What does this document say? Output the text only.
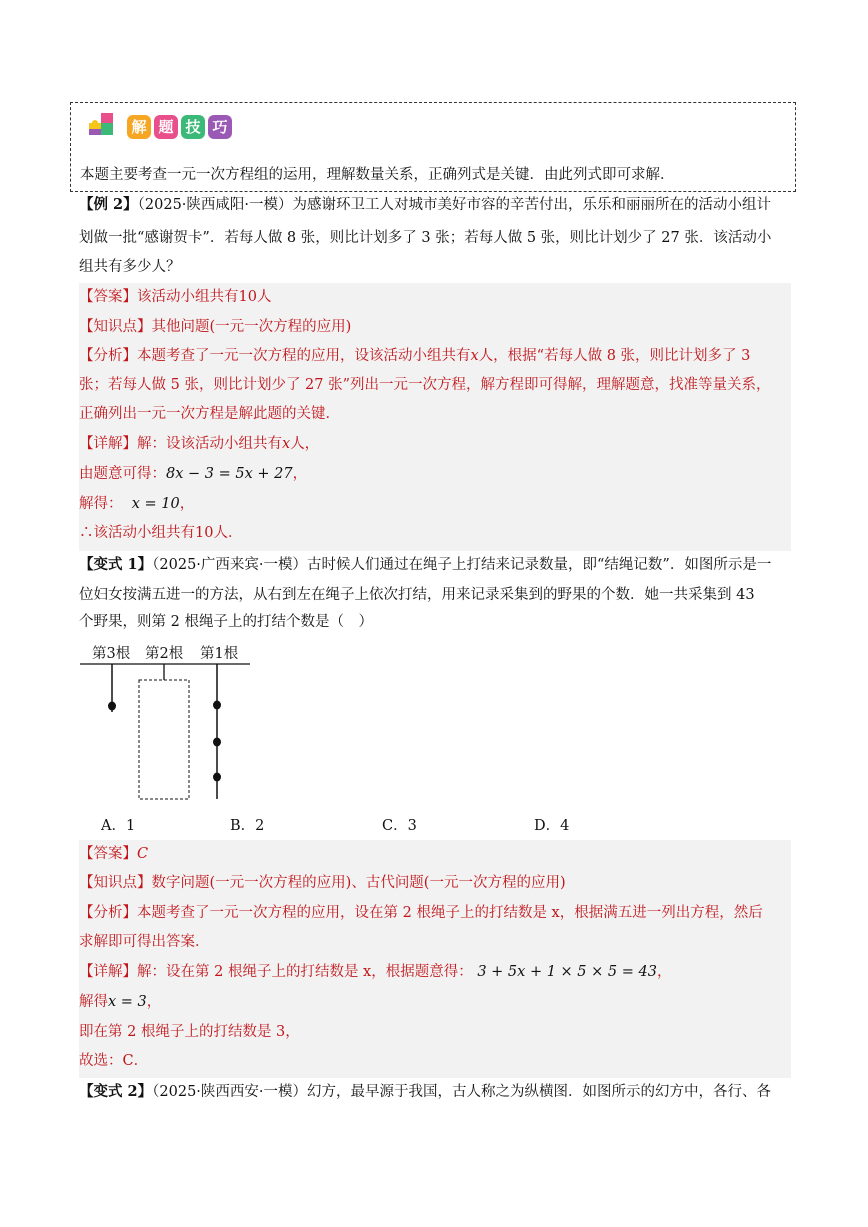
解 题 技 巧
本题主要考查一元一次方程组的运用，理解数量关系，正确列式是关键．由此列式即可求解．
【例 2】（2025·陕西咸阳·一模）为感谢环卫工人对城市美好市容的辛苦付出，乐乐和丽丽所在的活动小组计
划做一批“感谢贺卡”．若每人做 8 张，则比计划多了 3 张；若每人做 5 张，则比计划少了 27 张．该活动小
组共有多少人？
【答案】该活动小组共有10人
【知识点】其他问题(一元一次方程的应用)
【分析】本题考查了一元一次方程的应用，设该活动小组共有x人，根据“若每人做 8 张，则比计划多了 3
张；若每人做 5 张，则比计划少了 27 张”列出一元一次方程，解方程即可得解，理解题意，找准等量关系，
正确列出一元一次方程是解此题的关键．
【详解】解：设该活动小组共有x人，
由题意可得：8x − 3 = 5x + 27，
解得： x = 10，
∴该活动小组共有10人．
【变式 1】（2025·广西来宾·一模）古时候人们通过在绳子上打结来记录数量，即“结绳记数”．如图所示是一
位妇女按满五进一的方法，从右到左在绳子上依次打结，用来记录采集到的野果的个数．她一共采集到 43
个野果，则第 2 根绳子上的打结个数是（　）
第3根 第2根 第1根
A．1	B．2	C．3	D．4
【答案】C
【知识点】数字问题(一元一次方程的应用)、古代问题(一元一次方程的应用)
【分析】本题考查了一元一次方程的应用，设在第 2 根绳子上的打结数是 x，根据满五进一列出方程，然后
求解即可得出答案．
【详解】解：设在第 2 根绳子上的打结数是 x，根据题意得： 3 + 5x + 1 × 5 × 5 = 43，
解得x = 3，
即在第 2 根绳子上的打结数是 3，
故选：C．
【变式 2】（2025·陕西西安·一模）幻方，最早源于我国，古人称之为纵横图．如图所示的幻方中，各行、各
